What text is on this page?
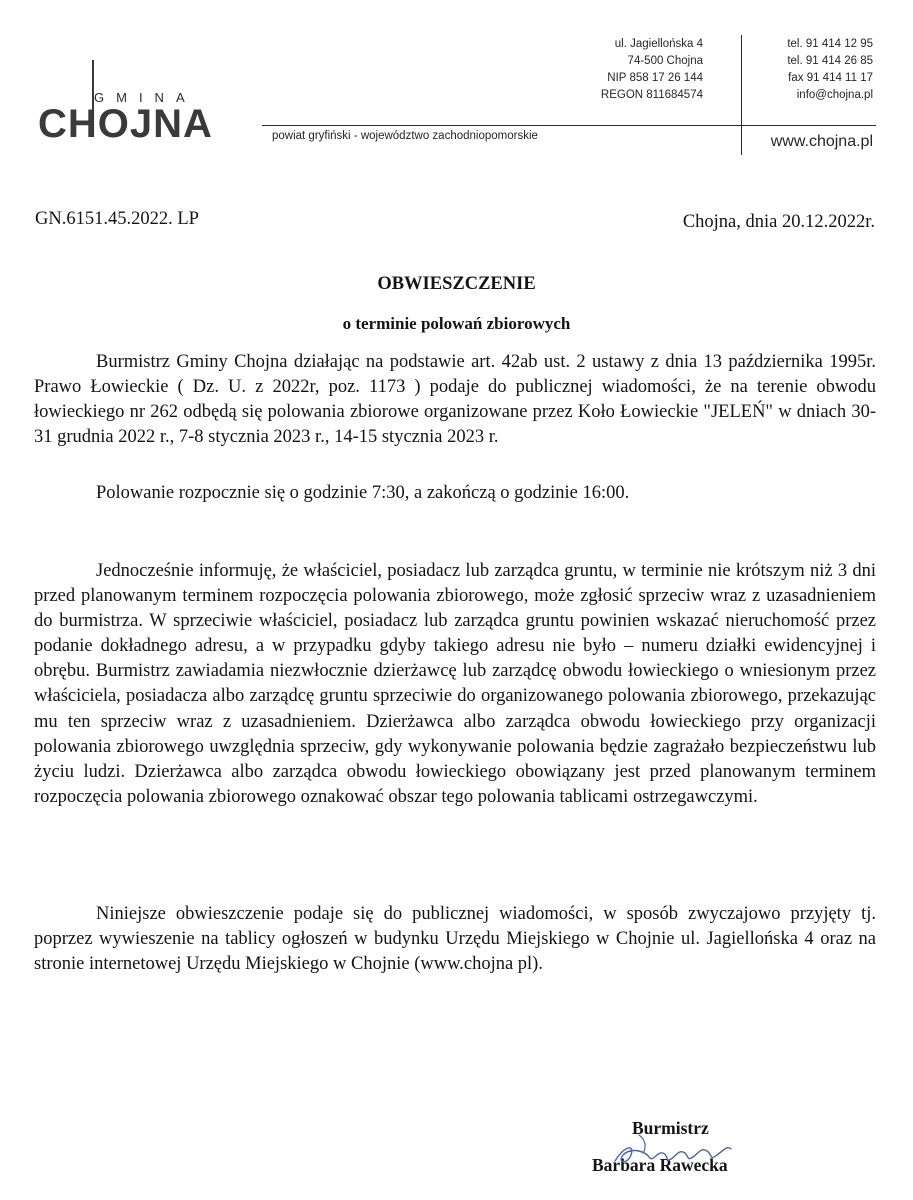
GMINA
CHOJNA	powiat gryfiński - województwo zachodniopomorskie
ul. Jagiellońska 4
74-500 Chojna
NIP 858 17 26 144
REGON 811684574
tel. 91 414 12 95
tel. 91 414 26 85
fax 91 414 11 17
info@chojna.pl
www.chojna.pl
GN.6151.45.2022. LP	Chojna, dnia 20.12.2022r.
OBWIESZCZENIE
o terminie polowań zbiorowych
Burmistrz Gminy Chojna działając na podstawie art. 42ab ust. 2 ustawy z dnia 13 października 1995r. Prawo Łowieckie ( Dz. U. z 2022r, poz. 1173 ) podaje do publicznej wiadomości, że na terenie obwodu łowieckiego nr 262 odbędą się polowania zbiorowe organizowane przez Koło Łowieckie "JELEŃ" w dniach 30-31 grudnia 2022 r., 7-8 stycznia 2023 r., 14-15 stycznia 2023 r.
Polowanie rozpocznie się o godzinie 7:30, a zakończą o godzinie 16:00.
Jednocześnie informuję, że właściciel, posiadacz lub zarządca gruntu, w terminie nie krótszym niż 3 dni przed planowanym terminem rozpoczęcia polowania zbiorowego, może zgłosić sprzeciw wraz z uzasadnieniem do burmistrza. W sprzeciwie właściciel, posiadacz lub zarządca gruntu powinien wskazać nieruchomość przez podanie dokładnego adresu, a w przypadku gdyby takiego adresu nie było – numeru działki ewidencyjnej i obrębu. Burmistrz zawiadamia niezwłocznie dzierżawcę lub zarządcę obwodu łowieckiego o wniesionym przez właściciela, posiadacza albo zarządcę gruntu sprzeciwie do organizowanego polowania zbiorowego, przekazując mu ten sprzeciw wraz z uzasadnieniem. Dzierżawca albo zarządca obwodu łowieckiego przy organizacji polowania zbiorowego uwzględnia sprzeciw, gdy wykonywanie polowania będzie zagrażało bezpieczeństwu lub życiu ludzi. Dzierżawca albo zarządca obwodu łowieckiego obowiązany jest przed planowanym terminem rozpoczęcia polowania zbiorowego oznakować obszar tego polowania tablicami ostrzegawczymi.
Niniejsze obwieszczenie podaje się do publicznej wiadomości, w sposób zwyczajowo przyjęty tj. poprzez wywieszenie na tablicy ogłoszeń w budynku Urzędu Miejskiego w Chojnie ul. Jagiellońska 4 oraz na stronie internetowej Urzędu Miejskiego w Chojnie (www.chojna pl).
Burmistrz
Barbara Rawecka
